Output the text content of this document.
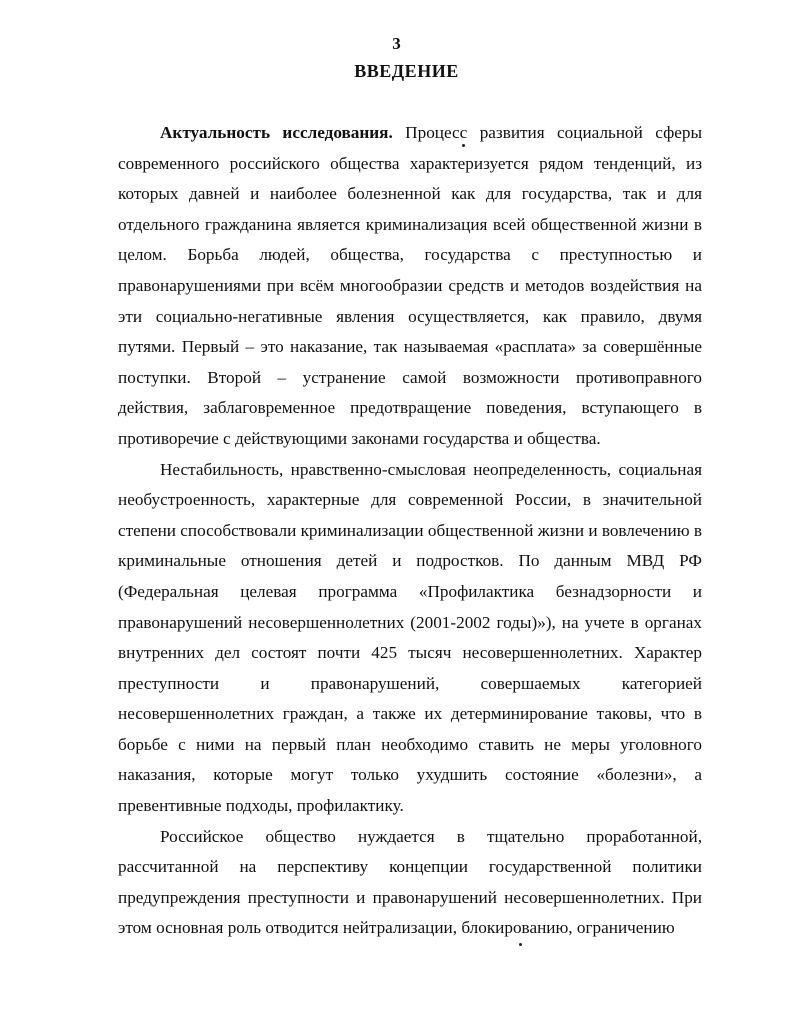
3
ВВЕДЕНИЕ

Актуальность исследования. Процесс развития социальной сферы современного российского общества характеризуется рядом тенденций, из которых давней и наиболее болезненной как для государства, так и для отдельного гражданина является криминализация всей общественной жизни в целом. Борьба людей, общества, государства с преступностью и правонарушениями при всём многообразии средств и методов воздействия на эти социально-негативные явления осуществляется, как правило, двумя путями. Первый – это наказание, так называемая «расплата» за совершённые поступки. Второй – устранение самой возможности противоправного действия, заблаговременное предотвращение поведения, вступающего в противоречие с действующими законами государства и общества.

Нестабильность, нравственно-смысловая неопределенность, социальная необустроенность, характерные для современной России, в значительной степени способствовали криминализации общественной жизни и вовлечению в криминальные отношения детей и подростков. По данным МВД РФ (Федеральная целевая программа «Профилактика безнадзорности и правонарушений несовершеннолетних (2001-2002 годы)»), на учете в органах внутренних дел состоят почти 425 тысяч несовершеннолетних. Характер преступности и правонарушений, совершаемых категорией несовершеннолетних граждан, а также их детерминирование таковы, что в борьбе с ними на первый план необходимо ставить не меры уголовного наказания, которые могут только ухудшить состояние «болезни», а превентивные подходы, профилактику.

Российское общество нуждается в тщательно проработанной, рассчитанной на перспективу концепции государственной политики предупреждения преступности и правонарушений несовершеннолетних. При этом основная роль отводится нейтрализации, блокированию, ограничению
